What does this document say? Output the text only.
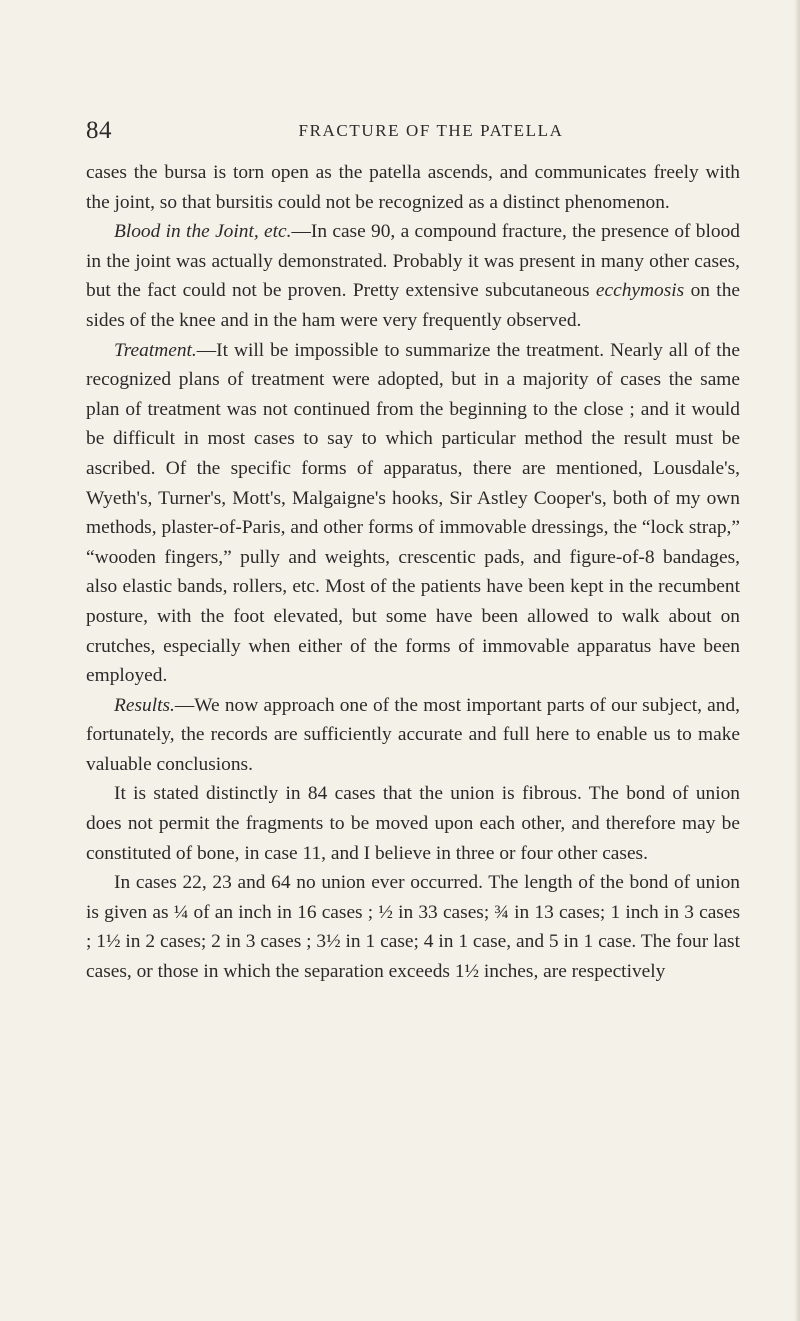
84	FRACTURE OF THE PATELLA

cases the bursa is torn open as the patella ascends, and communicates freely with the joint, so that bursitis could not be recognized as a distinct phenomenon.

Blood in the Joint, etc.—In case 90, a compound fracture, the presence of blood in the joint was actually demonstrated. Probably it was present in many other cases, but the fact could not be proven. Pretty extensive subcutaneous ecchymosis on the sides of the knee and in the ham were very frequently observed.

Treatment.—It will be impossible to summarize the treatment. Nearly all of the recognized plans of treatment were adopted, but in a majority of cases the same plan of treatment was not continued from the beginning to the close ; and it would be difficult in most cases to say to which particular method the result must be ascribed. Of the specific forms of apparatus, there are mentioned, Lousdale's, Wyeth's, Turner's, Mott's, Malgaigne's hooks, Sir Astley Cooper's, both of my own methods, plaster-of-Paris, and other forms of immovable dressings, the “lock strap,” “wooden fingers,” pully and weights, crescentic pads, and figure-of-8 bandages, also elastic bands, rollers, etc. Most of the patients have been kept in the recumbent posture, with the foot elevated, but some have been allowed to walk about on crutches, especially when either of the forms of immovable apparatus have been employed.

Results.—We now approach one of the most important parts of our subject, and, fortunately, the records are sufficiently accurate and full here to enable us to make valuable conclusions.

It is stated distinctly in 84 cases that the union is fibrous. The bond of union does not permit the fragments to be moved upon each other, and therefore may be constituted of bone, in case 11, and I believe in three or four other cases.

In cases 22, 23 and 64 no union ever occurred. The length of the bond of union is given as ¼ of an inch in 16 cases ; ½ in 33 cases; ¾ in 13 cases; 1 inch in 3 cases ; 1½ in 2 cases; 2 in 3 cases ; 3½ in 1 case; 4 in 1 case, and 5 in 1 case. The four last cases, or those in which the separation exceeds 1½ inches, are respectively
